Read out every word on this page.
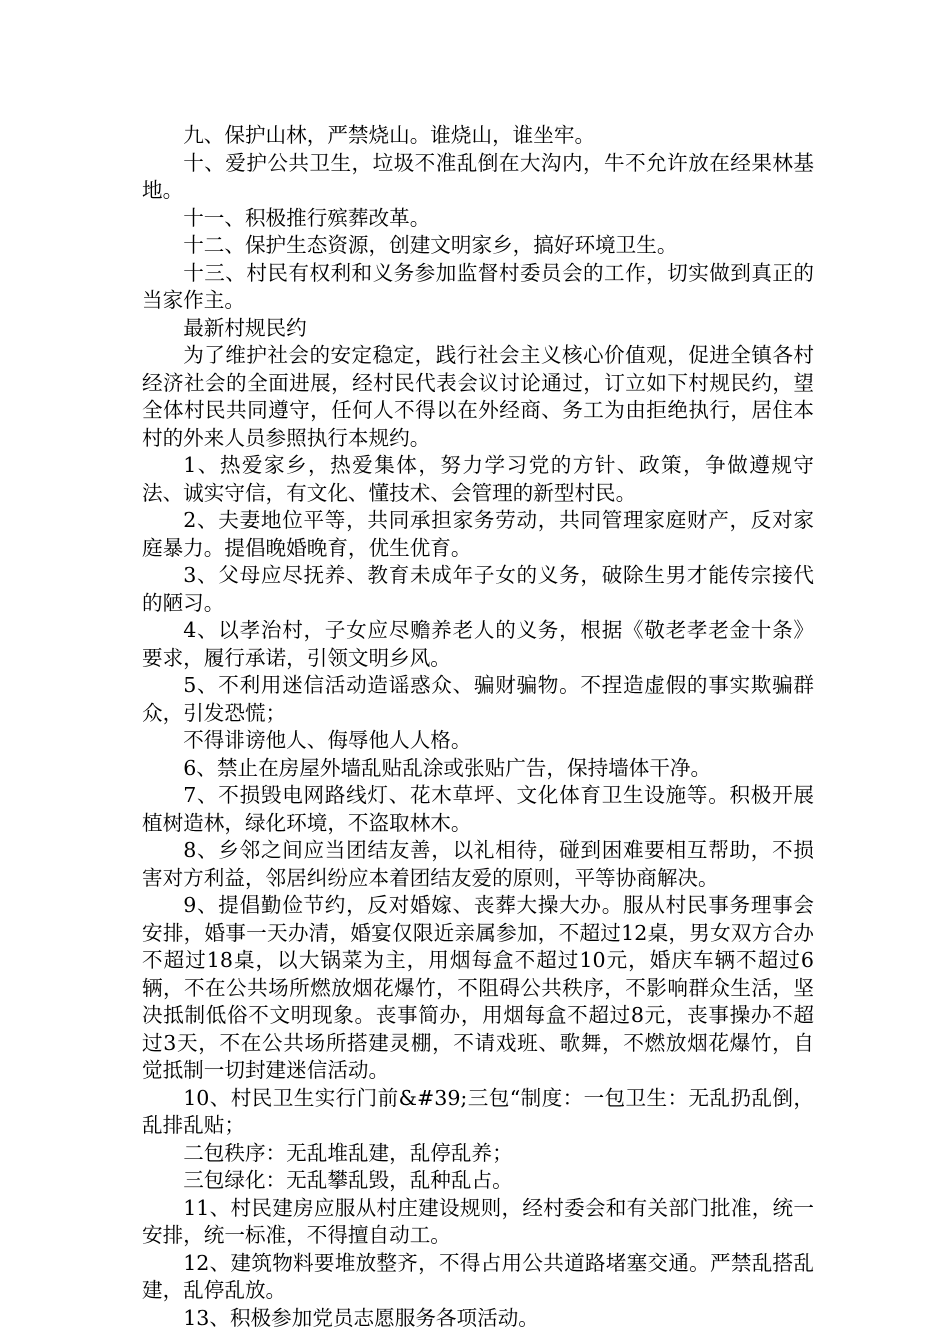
九、保护山林，严禁烧山。谁烧山，谁坐牢。

十、爱护公共卫生，垃圾不准乱倒在大沟内，牛不允许放在经果林基地。

十一、积极推行殡葬改革。

十二、保护生态资源，创建文明家乡，搞好环境卫生。

十三、村民有权利和义务参加监督村委员会的工作，切实做到真正的当家作主。

最新村规民约

为了维护社会的安定稳定，践行社会主义核心价值观，促进全镇各村经济社会的全面进展，经村民代表会议讨论通过，订立如下村规民约，望全体村民共同遵守，任何人不得以在外经商、务工为由拒绝执行，居住本村的外来人员参照执行本规约。

1、热爱家乡，热爱集体，努力学习党的方针、政策，争做遵规守法、诚实守信，有文化、懂技术、会管理的新型村民。

2、夫妻地位平等，共同承担家务劳动，共同管理家庭财产，反对家庭暴力。提倡晚婚晚育，优生优育。

3、父母应尽抚养、教育未成年子女的义务，破除生男才能传宗接代的陋习。

4、以孝治村，子女应尽赡养老人的义务，根据《敬老孝老金十条》要求，履行承诺，引领文明乡风。

5、不利用迷信活动造谣惑众、骗财骗物。不捏造虚假的事实欺骗群众，引发恐慌；

不得诽谤他人、侮辱他人人格。

6、禁止在房屋外墙乱贴乱涂或张贴广告，保持墙体干净。

7、不损毁电网路线灯、花木草坪、文化体育卫生设施等。积极开展植树造林，绿化环境，不盗取林木。

8、乡邻之间应当团结友善，以礼相待，碰到困难要相互帮助，不损害对方利益，邻居纠纷应本着团结友爱的原则，平等协商解决。

9、提倡勤俭节约，反对婚嫁、丧葬大操大办。服从村民事务理事会安排，婚事一天办清，婚宴仅限近亲属参加，不超过12桌，男女双方合办不超过18桌，以大锅菜为主，用烟每盒不超过10元，婚庆车辆不超过6辆，不在公共场所燃放烟花爆竹，不阻碍公共秩序，不影响群众生活，坚决抵制低俗不文明现象。丧事简办，用烟每盒不超过8元，丧事操办不超过3天，不在公共场所搭建灵棚，不请戏班、歌舞，不燃放烟花爆竹，自觉抵制一切封建迷信活动。

10、村民卫生实行门前&#39;三包“制度：一包卫生：无乱扔乱倒，乱排乱贴；

二包秩序：无乱堆乱建，乱停乱养；

三包绿化：无乱攀乱毁，乱种乱占。

11、村民建房应服从村庄建设规则，经村委会和有关部门批准，统一安排，统一标准，不得擅自动工。

12、建筑物料要堆放整齐，不得占用公共道路堵塞交通。严禁乱搭乱建，乱停乱放。

13、积极参加党员志愿服务各项活动。
